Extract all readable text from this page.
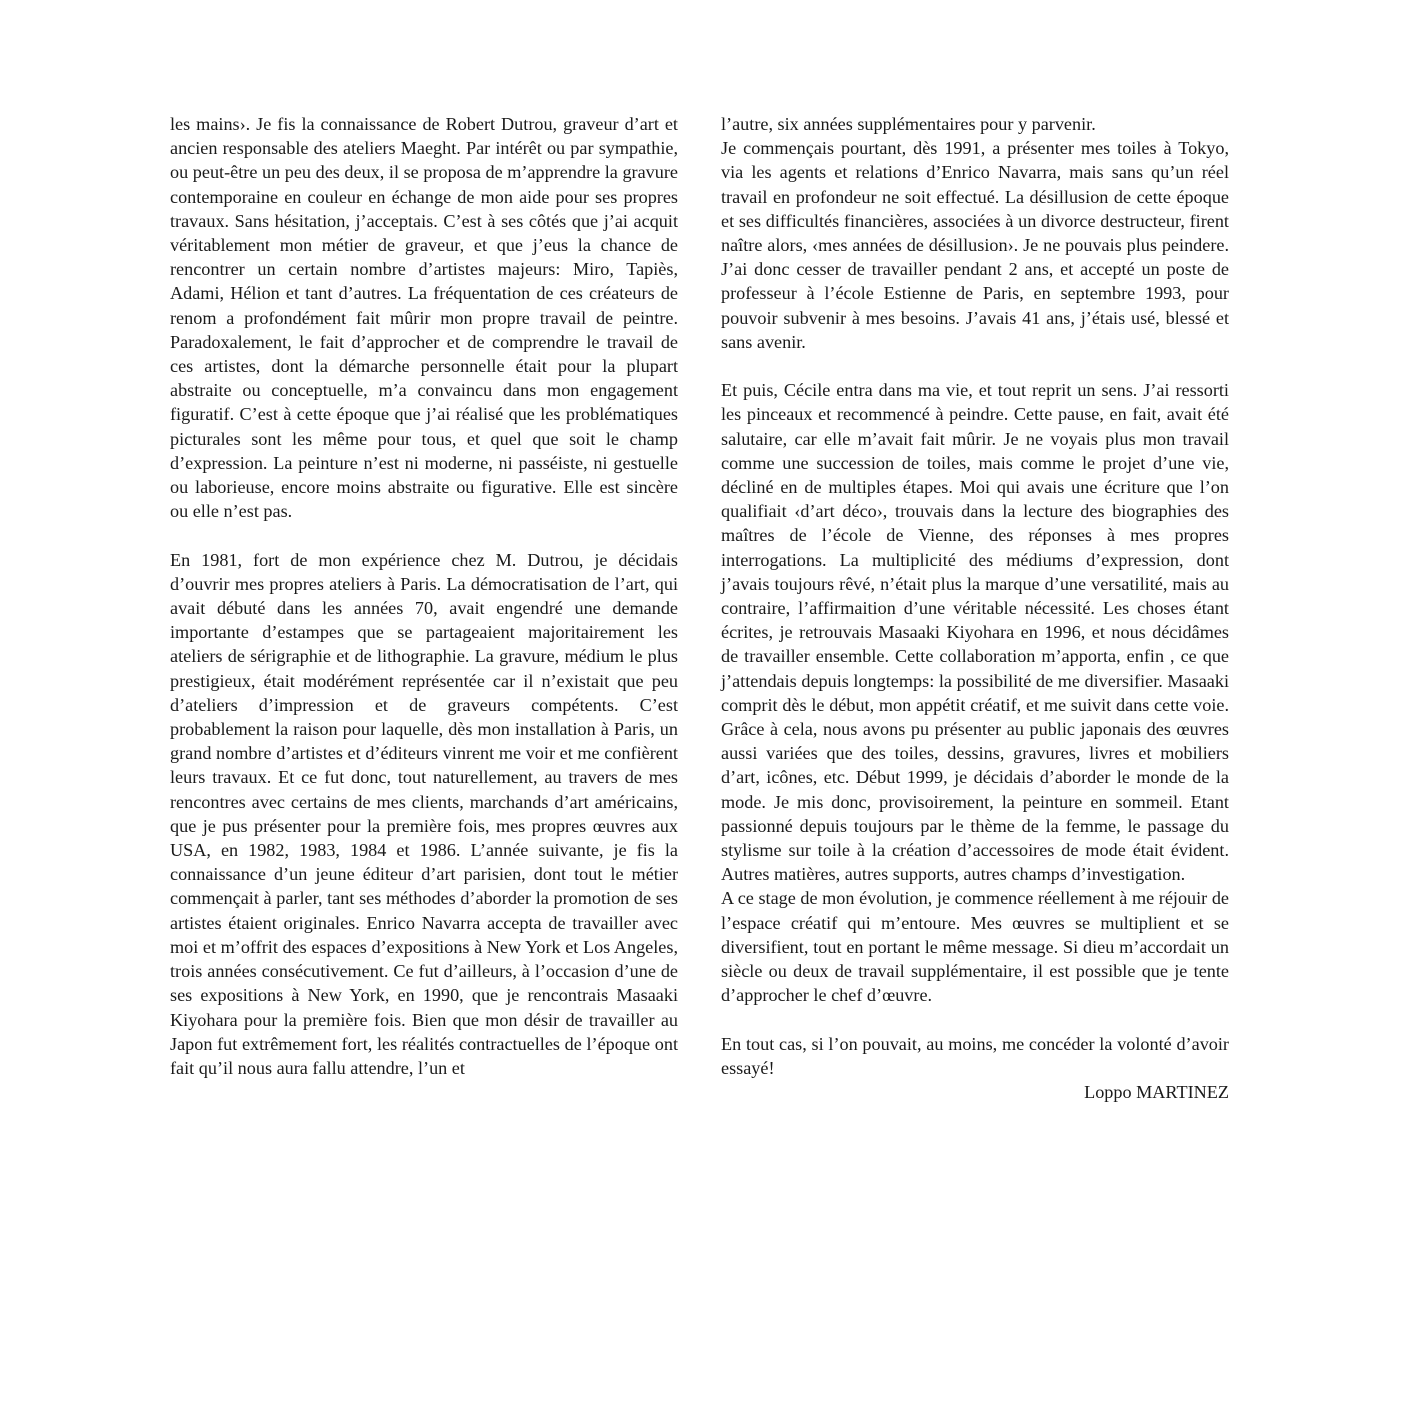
les mains›. Je fis la connaissance de Robert Dutrou, graveur d’art et ancien responsable des ateliers Maeght. Par intérêt ou par sympathie, ou peut-être un peu des deux, il se proposa de m’apprendre la gravure contemporaine en couleur en échange de mon aide pour ses propres travaux. Sans hésitation, j’acceptais. C’est à ses côtés que j’ai acquit véritablement mon métier de graveur, et que j’eus la chance de rencontrer un certain nombre d’artistes majeurs: Miro, Tapiès, Adami, Hélion et tant d’autres. La fréquentation de ces créateurs de renom a profondément fait mûrir mon propre travail de peintre. Paradoxalement, le fait d’approcher et de comprendre le travail de ces artistes, dont la démarche personnelle était pour la plupart abstraite ou conceptuelle, m’a convaincu dans mon engagement figuratif. C’est à cette époque que j’ai réalisé que les problématiques picturales sont les même pour tous, et quel que soit le champ d’expression. La peinture n’est ni moderne, ni passéiste, ni gestuelle ou laborieuse, encore moins abstraite ou figurative. Elle est sincère ou elle n’est pas.

En 1981, fort de mon expérience chez M. Dutrou, je décidais d’ouvrir mes propres ateliers à Paris. La démocratisation de l’art, qui avait débuté dans les années 70, avait engendré une demande importante d’estampes que se partageaient majoritairement les ateliers de sérigraphie et de lithographie. La gravure, médium le plus prestigieux, était modérément représentée car il n’existait que peu d’ateliers d’impression et de graveurs compétents. C’est probablement la raison pour laquelle, dès mon installation à Paris, un grand nombre d’artistes et d’éditeurs vinrent me voir et me confièrent leurs travaux. Et ce fut donc, tout naturellement, au travers de mes rencontres avec certains de mes clients, marchands d’art américains, que je pus présenter pour la première fois, mes propres œuvres aux USA, en 1982, 1983, 1984 et 1986. L’année suivante, je fis la connaissance d’un jeune éditeur d’art parisien, dont tout le métier commençait à parler, tant ses méthodes d’aborder la promotion de ses artistes étaient originales. Enrico Navarra accepta de travailler avec moi et m’offrit des espaces d’expositions à New York et Los Angeles, trois années consécutivement. Ce fut d’ailleurs, à l’occasion d’une de ses expositions à New York, en 1990, que je rencontrais Masaaki Kiyohara pour la première fois. Bien que mon désir de travailler au Japon fut extrêmement fort, les réalités contractuelles de l’époque ont fait qu’il nous aura fallu attendre, l’un et

l’autre, six années supplémentaires pour y parvenir.

Je commençais pourtant, dès 1991, a présenter mes toiles à Tokyo, via les agents et relations d’Enrico Navarra, mais sans qu’un réel travail en profondeur ne soit effectué. La désillusion de cette époque et ses difficultés financières, associées à un divorce destructeur, firent naître alors, ‹mes années de désillusion›. Je ne pouvais plus peindere. J’ai donc cesser de travailler pendant 2 ans, et accepté un poste de professeur à l’école Estienne de Paris, en septembre 1993, pour pouvoir subvenir à mes besoins. J’avais 41 ans, j’étais usé, blessé et sans avenir.

Et puis, Cécile entra dans ma vie, et tout reprit un sens. J’ai ressorti les pinceaux et recommencé à peindre. Cette pause, en fait, avait été salutaire, car elle m’avait fait mûrir. Je ne voyais plus mon travail comme une succession de toiles, mais comme le projet d’une vie, décliné en de multiples étapes. Moi qui avais une écriture que l’on qualifiait ‹d’art déco›, trouvais dans la lecture des biographies des maîtres de l’école de Vienne, des réponses à mes propres interrogations. La multiplicité des médiums d’expression, dont j’avais toujours rêvé, n’était plus la marque d’une versatilité, mais au contraire, l’affirmaition d’une véritable nécessité. Les choses étant écrites, je retrouvais Masaaki Kiyohara en 1996, et nous décidâmes de travailler ensemble. Cette collaboration m’apporta, enfin , ce que j’attendais depuis longtemps: la possibilité de me diversifier. Masaaki comprit dès le début, mon appétit créatif, et me suivit dans cette voie. Grâce à cela, nous avons pu présenter au public japonais des œuvres aussi variées que des toiles, dessins, gravures, livres et mobiliers d’art, icônes, etc. Début 1999, je décidais d’aborder le monde de la mode. Je mis donc, provisoirement, la peinture en sommeil. Etant passionné depuis toujours par le thème de la femme, le passage du stylisme sur toile à la création d’accessoires de mode était évident. Autres matières, autres supports, autres champs d’investigation.

A ce stage de mon évolution, je commence réellement à me réjouir de l’espace créatif qui m’entoure. Mes œuvres se multiplient et se diversifient, tout en portant le même message. Si dieu m’accordait un siècle ou deux de travail supplémentaire, il est possible que je tente d’approcher le chef d’œuvre.

En tout cas, si l’on pouvait, au moins, me concéder la volonté d’avoir essayé!

Loppo MARTINEZ
